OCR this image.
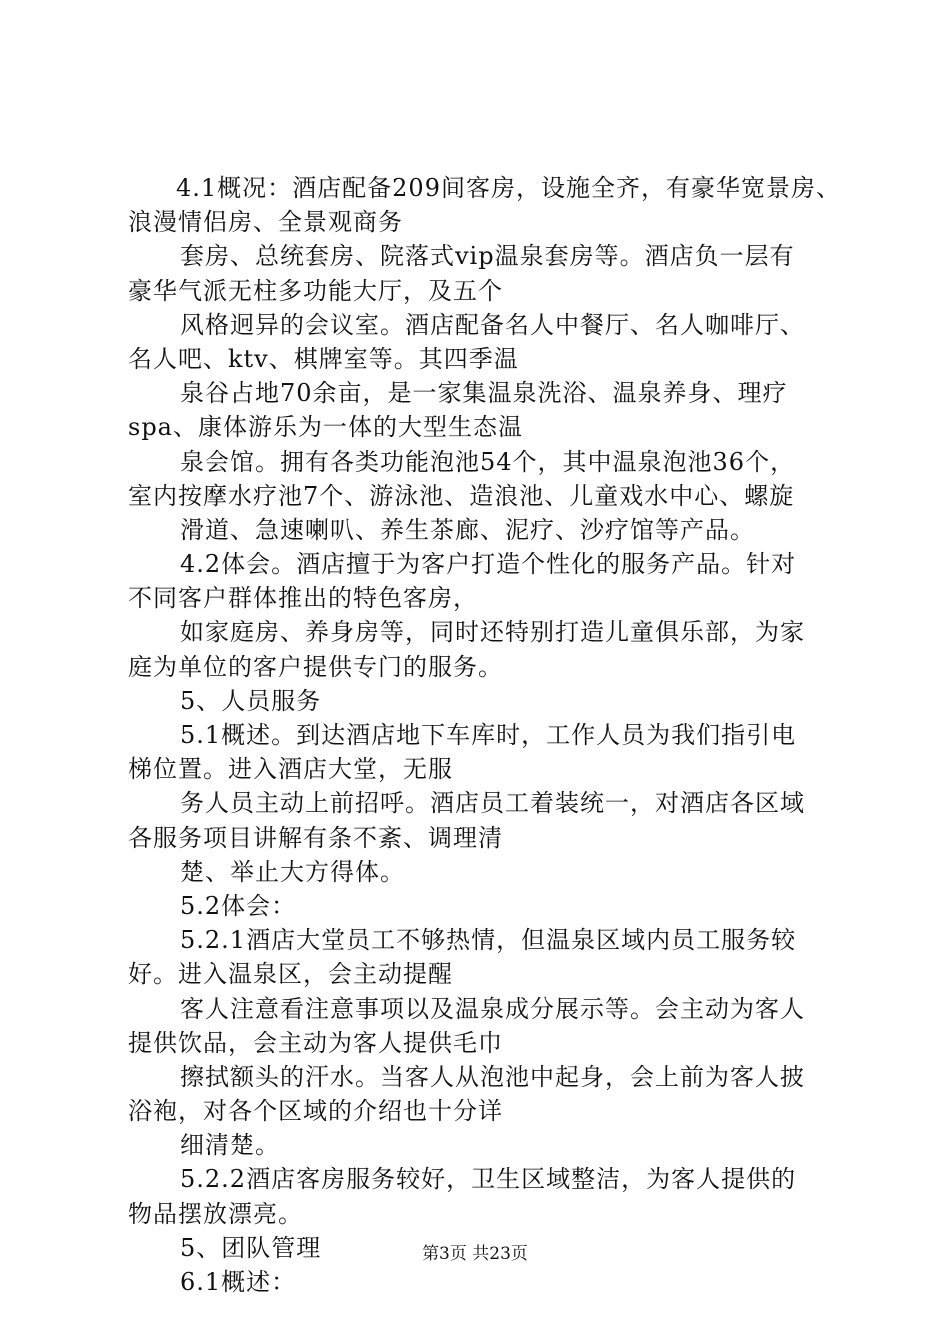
4.1概况：酒店配备209间客房，设施全齐，有豪华宽景房、
浪漫情侣房、全景观商务
套房、总统套房、院落式vip温泉套房等。酒店负一层有
豪华气派无柱多功能大厅，及五个
风格迥异的会议室。酒店配备名人中餐厅、名人咖啡厅、
名人吧、ktv、棋牌室等。其四季温
泉谷占地70余亩，是一家集温泉洗浴、温泉养身、理疗
spa、康体游乐为一体的大型生态温
泉会馆。拥有各类功能泡池54个，其中温泉泡池36个，
室内按摩水疗池7个、游泳池、造浪池、儿童戏水中心、螺旋
滑道、急速喇叭、养生茶廊、泥疗、沙疗馆等产品。
4.2体会。酒店擅于为客户打造个性化的服务产品。针对
不同客户群体推出的特色客房，
如家庭房、养身房等，同时还特别打造儿童俱乐部，为家
庭为单位的客户提供专门的服务。
5、人员服务
5.1概述。到达酒店地下车库时，工作人员为我们指引电
梯位置。进入酒店大堂，无服
务人员主动上前招呼。酒店员工着装统一，对酒店各区域
各服务项目讲解有条不紊、调理清
楚、举止大方得体。
5.2体会：
5.2.1酒店大堂员工不够热情，但温泉区域内员工服务较
好。进入温泉区，会主动提醒
客人注意看注意事项以及温泉成分展示等。会主动为客人
提供饮品，会主动为客人提供毛巾
擦拭额头的汗水。当客人从泡池中起身，会上前为客人披
浴袍，对各个区域的介绍也十分详
细清楚。
5.2.2酒店客房服务较好，卫生区域整洁，为客人提供的
物品摆放漂亮。
5、团队管理
6.1概述：
第3页 共23页
